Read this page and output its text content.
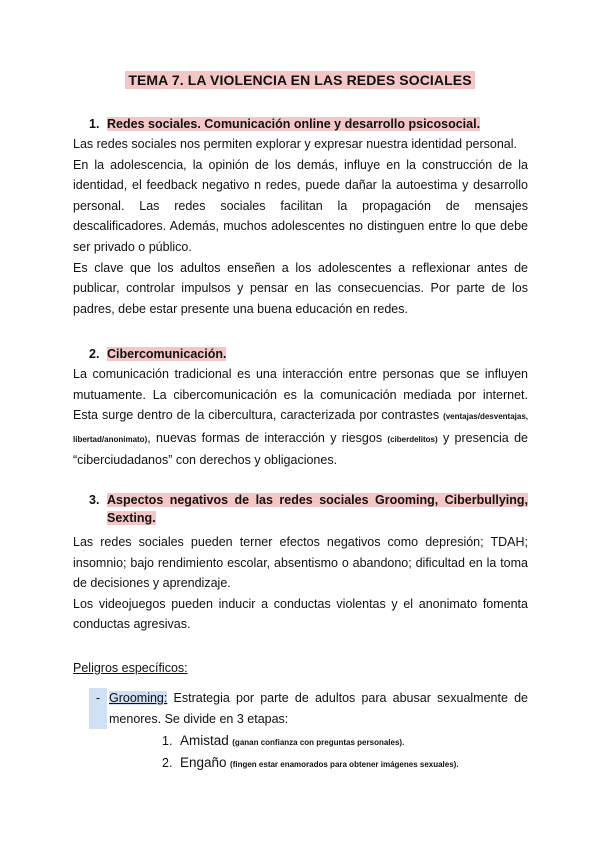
TEMA 7. LA VIOLENCIA EN LAS REDES SOCIALES
1. Redes sociales. Comunicación online y desarrollo psicosocial.

Las redes sociales nos permiten explorar y expresar nuestra identidad personal.

En la adolescencia, la opinión de los demás, influye en la construcción de la identidad, el feedback negativo n redes, puede dañar la autoestima y desarrollo personal. Las redes sociales facilitan la propagación de mensajes descalificadores. Además, muchos adolescentes no distinguen entre lo que debe ser privado o público.

Es clave que los adultos enseñen a los adolescentes a reflexionar antes de publicar, controlar impulsos y pensar en las consecuencias. Por parte de los padres, debe estar presente una buena educación en redes.

2. Cibercomunicación.

La comunicación tradicional es una interacción entre personas que se influyen mutuamente. La cibercomunicación es la comunicación mediada por internet. Esta surge dentro de la cibercultura, caracterizada por contrastes (ventajas/desventajas, libertad/anonimato), nuevas formas de interacción y riesgos (ciberdelitos) y presencia de “ciberciudadanos” con derechos y obligaciones.

3. Aspectos negativos de las redes sociales Grooming, Ciberbullying,
Sexting.

Las redes sociales pueden terner efectos negativos como depresión; TDAH; insomnio; bajo rendimiento escolar, absentismo o abandono; dificultad en la toma de decisiones y aprendizaje.

Los videojuegos pueden inducir a conductas violentas y el anonimato fomenta conductas agresivas.

Peligros específicos:
- Grooming: Estrategia por parte de adultos para abusar sexualmente de menores. Se divide en 3 etapas:
1. Amistad (ganan confianza con preguntas personales).
2. Engaño (fingen estar enamorados para obtener imágenes sexuales).
